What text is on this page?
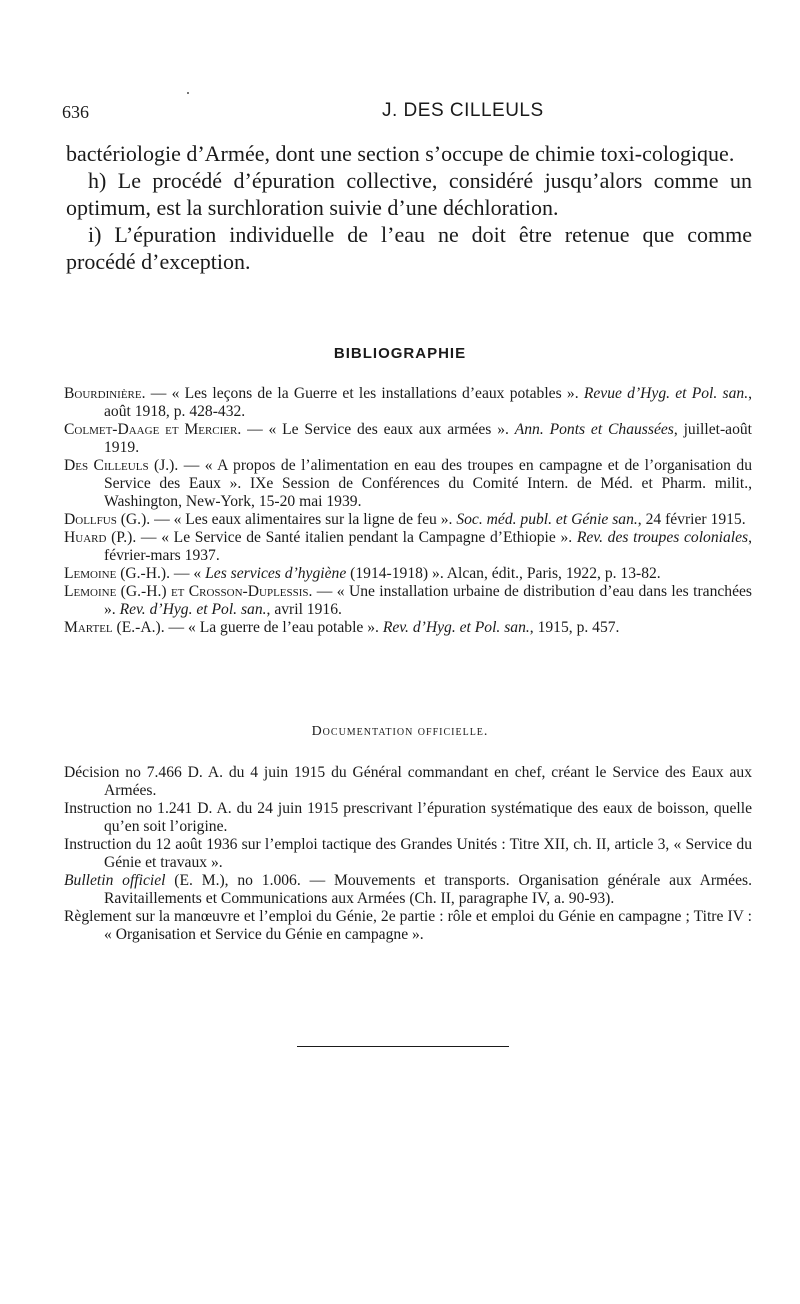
636	J. DES CILLEULS

bactériologie d’Armée, dont une section s’occupe de chimie toxi-cologique.

h) Le procédé d’épuration collective, considéré jusqu’alors comme un optimum, est la surchloration suivie d’une déchloration.

i) L’épuration individuelle de l’eau ne doit être retenue que comme procédé d’exception.

BIBLIOGRAPHIE
Bourdinière. — « Les leçons de la Guerre et les installations d’eaux potables ». Revue d’Hyg. et Pol. san., août 1918, p. 428-432.
Colmet-Daage et Mercier. — « Le Service des eaux aux armées ». Ann. Ponts et Chaussées, juillet-août 1919.
Des Cilleuls (J.). — « A propos de l’alimentation en eau des troupes en campagne et de l’organisation du Service des Eaux ». IXe Session de Conférences du Comité Intern. de Méd. et Pharm. milit., Washington, New-York, 15-20 mai 1939.
Dollfus (G.). — « Les eaux alimentaires sur la ligne de feu ». Soc. méd. publ. et Génie san., 24 février 1915.
Huard (P.). — « Le Service de Santé italien pendant la Campagne d’Ethiopie ». Rev. des troupes coloniales, février-mars 1937.
Lemoine (G.-H.). — « Les services d’hygiène (1914-1918) ». Alcan, édit., Paris, 1922, p. 13-82.
Lemoine (G.-H.) et Crosson-Duplessis. — « Une installation urbaine de distribution d’eau dans les tranchées ». Rev. d’Hyg. et Pol. san., avril 1916.
Martel (E.-A.). — « La guerre de l’eau potable ». Rev. d’Hyg. et Pol. san., 1915, p. 457.
Documentation officielle.
Décision no 7.466 D. A. du 4 juin 1915 du Général commandant en chef, créant le Service des Eaux aux Armées.
Instruction no 1.241 D. A. du 24 juin 1915 prescrivant l’épuration systématique des eaux de boisson, quelle qu’en soit l’origine.
Instruction du 12 août 1936 sur l’emploi tactique des Grandes Unités : Titre XII, ch. II, article 3, « Service du Génie et travaux ».
Bulletin officiel (E. M.), no 1.006. — Mouvements et transports. Organisation générale aux Armées. Ravitaillements et Communications aux Armées (Ch. II, paragraphe IV, a. 90-93).
Règlement sur la manœuvre et l’emploi du Génie, 2e partie : rôle et emploi du Génie en campagne ; Titre IV : « Organisation et Service du Génie en campagne ».
